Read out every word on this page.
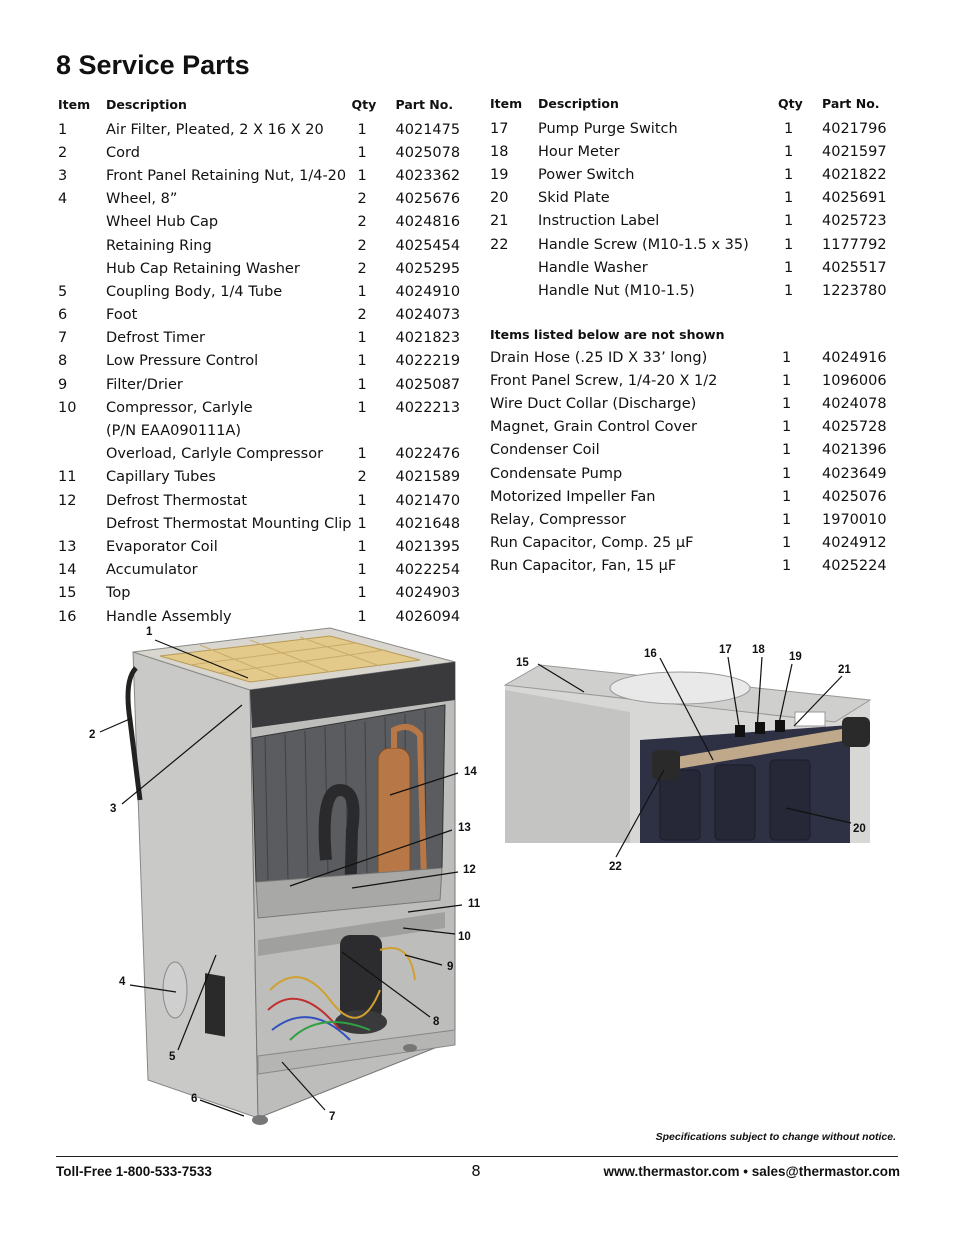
8 Service Parts
Item	Description	Qty	Part No.
1	Air Filter, Pleated, 2 X 16 X 20	1	4021475
2	Cord	1	4025078
3	Front Panel Retaining Nut, 1/4-20	1	4023362
4	Wheel, 8”	2	4025676
	Wheel Hub Cap	2	4024816
	Retaining Ring	2	4025454
	Hub Cap Retaining Washer	2	4025295
5	Coupling Body, 1/4 Tube	1	4024910
6	Foot	2	4024073
7	Defrost Timer	1	4021823
8	Low Pressure Control	1	4022219
9	Filter/Drier	1	4025087
10	Compressor, Carlyle	1	4022213
	(P/N EAA090111A)		
	Overload, Carlyle Compressor	1	4022476
11	Capillary Tubes	2	4021589
12	Defrost Thermostat	1	4021470
	Defrost Thermostat Mounting Clip	1	4021648
13	Evaporator Coil	1	4021395
14	Accumulator	1	4022254
15	Top	1	4024903
16	Handle Assembly	1	4026094
Item	Description	Qty	Part No.
17	Pump Purge Switch	1	4021796
18	Hour Meter	1	4021597
19	Power Switch	1	4021822
20	Skid Plate	1	4025691
21	Instruction Label	1	4025723
22	Handle Screw (M10-1.5 x 35)	1	1177792
	Handle Washer	1	4025517
	Handle Nut (M10-1.5)	1	1223780
Items listed below are not shown
Drain Hose (.25 ID X 33’ long)	1	4024916
Front Panel Screw, 1/4-20 X 1/2	1	1096006
Wire Duct Collar (Discharge)	1	4024078
Magnet, Grain Control Cover	1	4025728
Condenser Coil	1	4021396
Condensate Pump	1	4023649
Motorized Impeller Fan	1	4025076
Relay, Compressor	1	1970010
Run Capacitor, Comp. 25 µF	1	4024912
Run Capacitor, Fan, 15 µF	1	4025224
1
2
3
4
5
6
7
8
9
10
11
12
13
14
15
16	17 18
19
21
20
22
Specifications subject to change without notice.
Toll-Free 1-800-533-7533	8	www.thermastor.com • sales@thermastor.com
